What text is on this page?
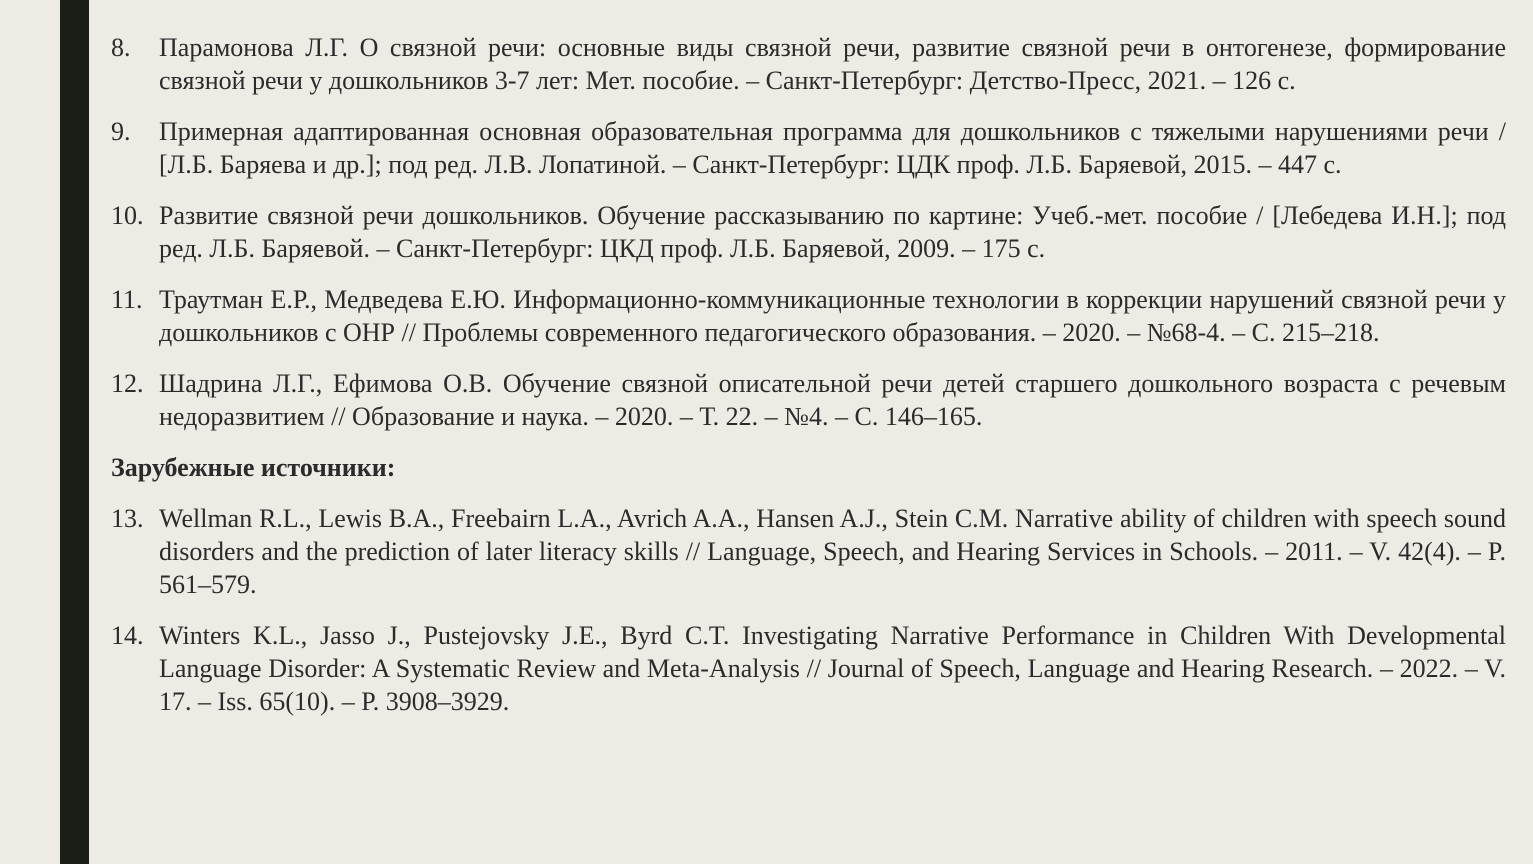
8.	Парамонова Л.Г. О связной речи: основные виды связной речи, развитие связной речи в онтогенезе, формирование связной речи у дошкольников 3-7 лет: Мет. пособие. – Санкт-Петербург: Детство-Пресс, 2021. – 126 с.
9.	Примерная адаптированная основная образовательная программа для дошкольников с тяжелыми нарушениями речи / [Л.Б. Баряева и др.]; под ред. Л.В. Лопатиной. – Санкт-Петербург: ЦДК проф. Л.Б. Баряевой, 2015. – 447 с.
10. Развитие связной речи дошкольников. Обучение рассказыванию по картине: Учеб.-мет. пособие / [Лебедева И.Н.]; под ред. Л.Б. Баряевой. – Санкт-Петербург: ЦКД проф. Л.Б. Баряевой, 2009. – 175 с.
11. Траутман Е.Р., Медведева Е.Ю. Информационно-коммуникационные технологии в коррекции нарушений связной речи у дошкольников с ОНР // Проблемы современного педагогического образования. – 2020. – №68-4. – С. 215–218.
12. Шадрина Л.Г., Ефимова О.В. Обучение связной описательной речи детей старшего дошкольного возраста с речевым недоразвитием // Образование и наука. – 2020. – Т. 22. – №4. – С. 146–165.
Зарубежные источники:
13. Wellman R.L., Lewis B.A., Freebairn L.A., Avrich A.A., Hansen A.J., Stein C.M. Narrative ability of children with speech sound disorders and the prediction of later literacy skills // Language, Speech, and Hearing Services in Schools. – 2011. – V. 42(4). – P. 561–579.
14. Winters K.L., Jasso J., Pustejovsky J.E., Byrd C.T. Investigating Narrative Performance in Children With Developmental Language Disorder: A Systematic Review and Meta-Analysis // Journal of Speech, Language and Hearing Research. – 2022. – V. 17. – Iss. 65(10). – P. 3908–3929.
